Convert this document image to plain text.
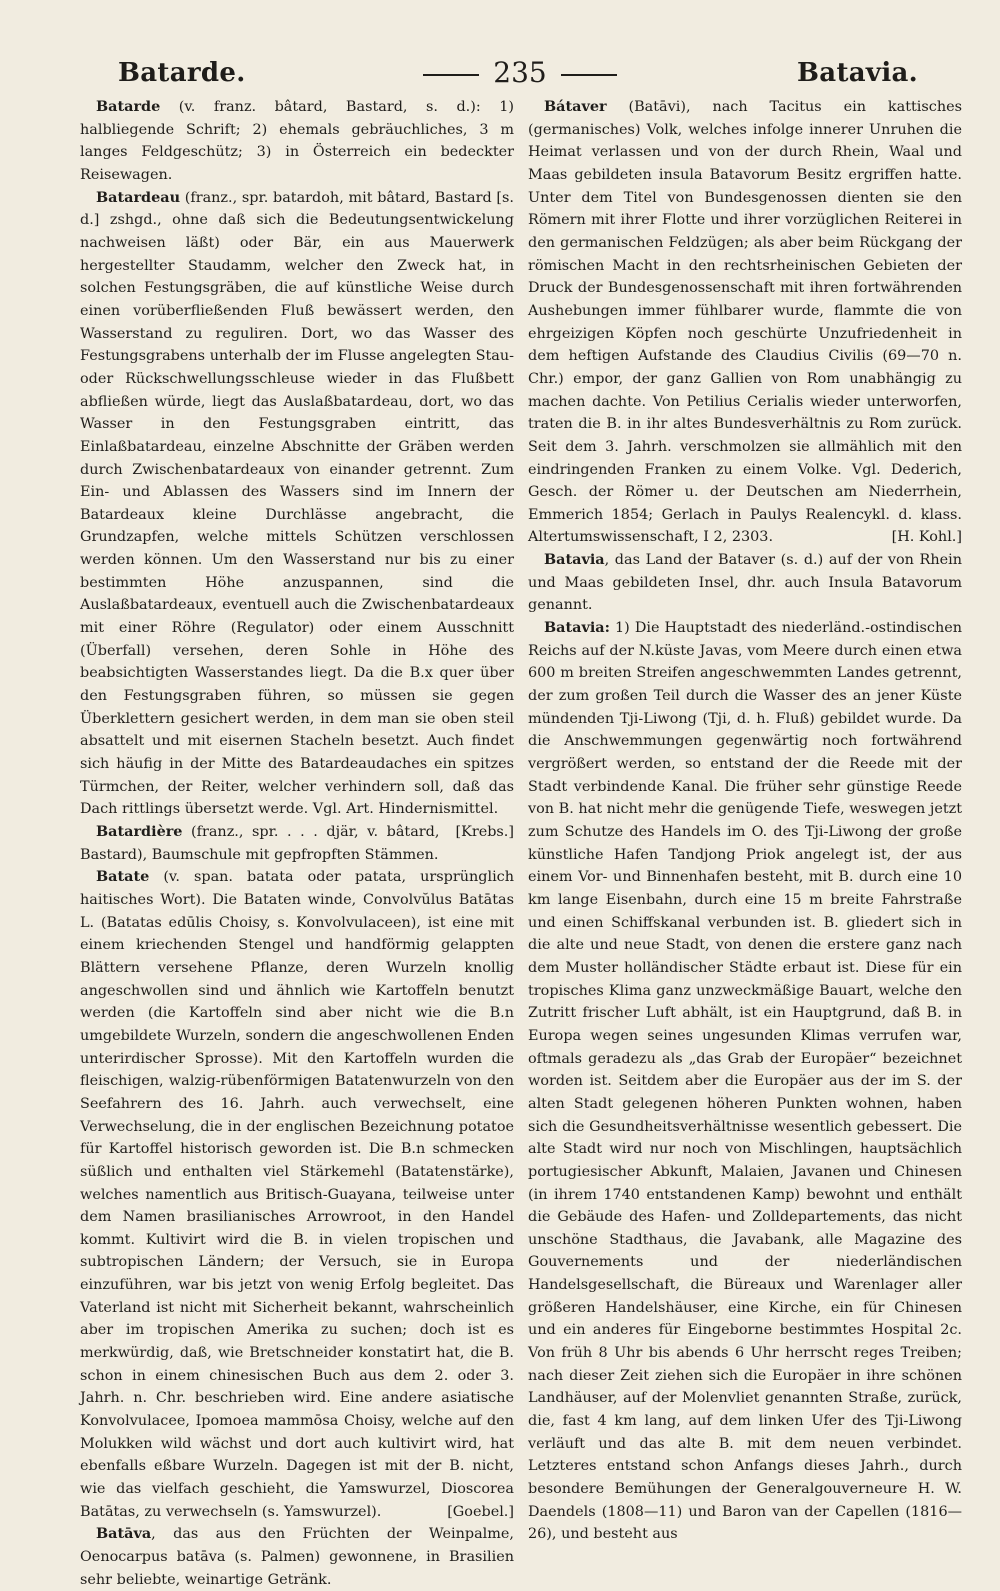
Batarde.	235	Batavia.

Batarde (v. franz. bâtard, Bastard, s. d.): 1) halbliegende Schrift; 2) ehemals gebräuchliches, 3 m langes Feldgeschütz; 3) in Österreich ein bedeckter Reisewagen.

Batardeau (franz., spr. batardoh, mit bâtard, Bastard [s. d.] zshgd., ohne daß sich die Bedeutungsentwickelung nachweisen läßt) oder Bär, ein aus Mauerwerk hergestellter Staudamm, welcher den Zweck hat, in solchen Festungsgräben, die auf künstliche Weise durch einen vorüberfließenden Fluß bewässert werden, den Wasserstand zu reguliren. Dort, wo das Wasser des Festungsgrabens unterhalb der im Flusse angelegten Stau- oder Rückschwellungsschleuse wieder in das Flußbett abfließen würde, liegt das Auslaßbatardeau, dort, wo das Wasser in den Festungsgraben eintritt, das Einlaßbatardeau, einzelne Abschnitte der Gräben werden durch Zwischenbatardeaux von einander getrennt. Zum Ein- und Ablassen des Wassers sind im Innern der Batardeaux kleine Durchlässe angebracht, die Grundzapfen, welche mittels Schützen verschlossen werden können. Um den Wasserstand nur bis zu einer bestimmten Höhe anzuspannen, sind die Auslaßbatardeaux, eventuell auch die Zwischenbatardeaux mit einer Röhre (Regulator) oder einem Ausschnitt (Überfall) versehen, deren Sohle in Höhe des beabsichtigten Wasserstandes liegt. Da die B.x quer über den Festungsgraben führen, so müssen sie gegen Überklettern gesichert werden, in dem man sie oben steil absattelt und mit eisernen Stacheln besetzt. Auch findet sich häufig in der Mitte des Batardeaudaches ein spitzes Türmchen, der Reiter, welcher verhindern soll, daß das Dach rittlings übersetzt werde. Vgl. Art. Hindernismittel.
[Krebs.]

Batardière (franz., spr. . . . djär, v. bâtard, Bastard), Baumschule mit gepfropften Stämmen.

Batate (v. span. batata oder patata, ursprünglich haitisches Wort). Die Bataten winde, Convolvŭlus Batātas L. (Batatas edūlis Choisy, s. Konvolvulaceen), ist eine mit einem kriechenden Stengel und handförmig gelappten Blättern versehene Pflanze, deren Wurzeln knollig angeschwollen sind und ähnlich wie Kartoffeln benutzt werden (die Kartoffeln sind aber nicht wie die B.n umgebildete Wurzeln, sondern die angeschwollenen Enden unterirdischer Sprosse). Mit den Kartoffeln wurden die fleischigen, walzig-rübenförmigen Batatenwurzeln von den Seefahrern des 16. Jahrh. auch verwechselt, eine Verwechselung, die in der englischen Bezeichnung potatoe für Kartoffel historisch geworden ist. Die B.n schmecken süßlich und enthalten viel Stärkemehl (Batatenstärke), welches namentlich aus Britisch-Guayana, teilweise unter dem Namen brasilianisches Arrowroot, in den Handel kommt. Kultivirt wird die B. in vielen tropischen und subtropischen Ländern; der Versuch, sie in Europa einzuführen, war bis jetzt von wenig Erfolg begleitet. Das Vaterland ist nicht mit Sicherheit bekannt, wahrscheinlich aber im tropischen Amerika zu suchen; doch ist es merkwürdig, daß, wie Bretschneider konstatirt hat, die B. schon in einem chinesischen Buch aus dem 2. oder 3. Jahrh. n. Chr. beschrieben wird. Eine andere asiatische Konvolvulacee, Ipomoea mammōsa Choisy, welche auf den Molukken wild wächst und dort auch kultivirt wird, hat ebenfalls eßbare Wurzeln. Dagegen ist mit der B. nicht, wie das vielfach geschieht, die Yamswurzel, Dioscorea Batātas, zu verwechseln (s. Yamswurzel).	[Goebel.]

Batāva, das aus den Früchten der Weinpalme, Oenocarpus batāva (s. Palmen) gewonnene, in Brasilien sehr beliebte, weinartige Getränk.

Bátaver (Batāvi), nach Tacitus ein kattisches (germanisches) Volk, welches infolge innerer Unruhen die Heimat verlassen und von der durch Rhein, Waal und Maas gebildeten insula Batavorum Besitz ergriffen hatte. Unter dem Titel von Bundesgenossen dienten sie den Römern mit ihrer Flotte und ihrer vorzüglichen Reiterei in den germanischen Feldzügen; als aber beim Rückgang der römischen Macht in den rechtsrheinischen Gebieten der Druck der Bundesgenossenschaft mit ihren fortwährenden Aushebungen immer fühlbarer wurde, flammte die von ehrgeizigen Köpfen noch geschürte Unzufriedenheit in dem heftigen Aufstande des Claudius Civilis (69—70 n. Chr.) empor, der ganz Gallien von Rom unabhängig zu machen dachte. Von Petilius Cerialis wieder unterworfen, traten die B. in ihr altes Bundesverhältnis zu Rom zurück. Seit dem 3. Jahrh. verschmolzen sie allmählich mit den eindringenden Franken zu einem Volke. Vgl. Dederich, Gesch. der Römer u. der Deutschen am Niederrhein, Emmerich 1854; Gerlach in Paulys Realencykl. d. klass. Altertumswissenschaft, I 2, 2303.	[H. Kohl.]

Batavia, das Land der Bataver (s. d.) auf der von Rhein und Maas gebildeten Insel, dhr. auch Insula Batavorum genannt.

Batavia: 1) Die Hauptstadt des niederländ.-ostindischen Reichs auf der N.küste Javas, vom Meere durch einen etwa 600 m breiten Streifen angeschwemmten Landes getrennt, der zum großen Teil durch die Wasser des an jener Küste mündenden Tji-Liwong (Tji, d. h. Fluß) gebildet wurde. Da die Anschwemmungen gegenwärtig noch fortwährend vergrößert werden, so entstand der die Reede mit der Stadt verbindende Kanal. Die früher sehr günstige Reede von B. hat nicht mehr die genügende Tiefe, weswegen jetzt zum Schutze des Handels im O. des Tji-Liwong der große künstliche Hafen Tandjong Priok angelegt ist, der aus einem Vor- und Binnenhafen besteht, mit B. durch eine 10 km lange Eisenbahn, durch eine 15 m breite Fahrstraße und einen Schiffskanal verbunden ist. B. gliedert sich in die alte und neue Stadt, von denen die erstere ganz nach dem Muster holländischer Städte erbaut ist. Diese für ein tropisches Klima ganz unzweckmäßige Bauart, welche den Zutritt frischer Luft abhält, ist ein Hauptgrund, daß B. in Europa wegen seines ungesunden Klimas verrufen war, oftmals geradezu als „das Grab der Europäer“ bezeichnet worden ist. Seitdem aber die Europäer aus der im S. der alten Stadt gelegenen höheren Punkten wohnen, haben sich die Gesundheitsverhältnisse wesentlich gebessert. Die alte Stadt wird nur noch von Mischlingen, hauptsächlich portugiesischer Abkunft, Malaien, Javanen und Chinesen (in ihrem 1740 entstandenen Kamp) bewohnt und enthält die Gebäude des Hafen- und Zolldepartements, das nicht unschöne Stadthaus, die Javabank, alle Magazine des Gouvernements und der niederländischen Handelsgesellschaft, die Büreaux und Warenlager aller größeren Handelshäuser, eine Kirche, ein für Chinesen und ein anderes für Eingeborne bestimmtes Hospital 2c. Von früh 8 Uhr bis abends 6 Uhr herrscht reges Treiben; nach dieser Zeit ziehen sich die Europäer in ihre schönen Landhäuser, auf der Molenvliet genannten Straße, zurück, die, fast 4 km lang, auf dem linken Ufer des Tji-Liwong verläuft und das alte B. mit dem neuen verbindet. Letzteres entstand schon Anfangs dieses Jahrh., durch besondere Bemühungen der Generalgouverneure H. W. Daendels (1808—11) und Baron van der Capellen (1816—26), und besteht aus
